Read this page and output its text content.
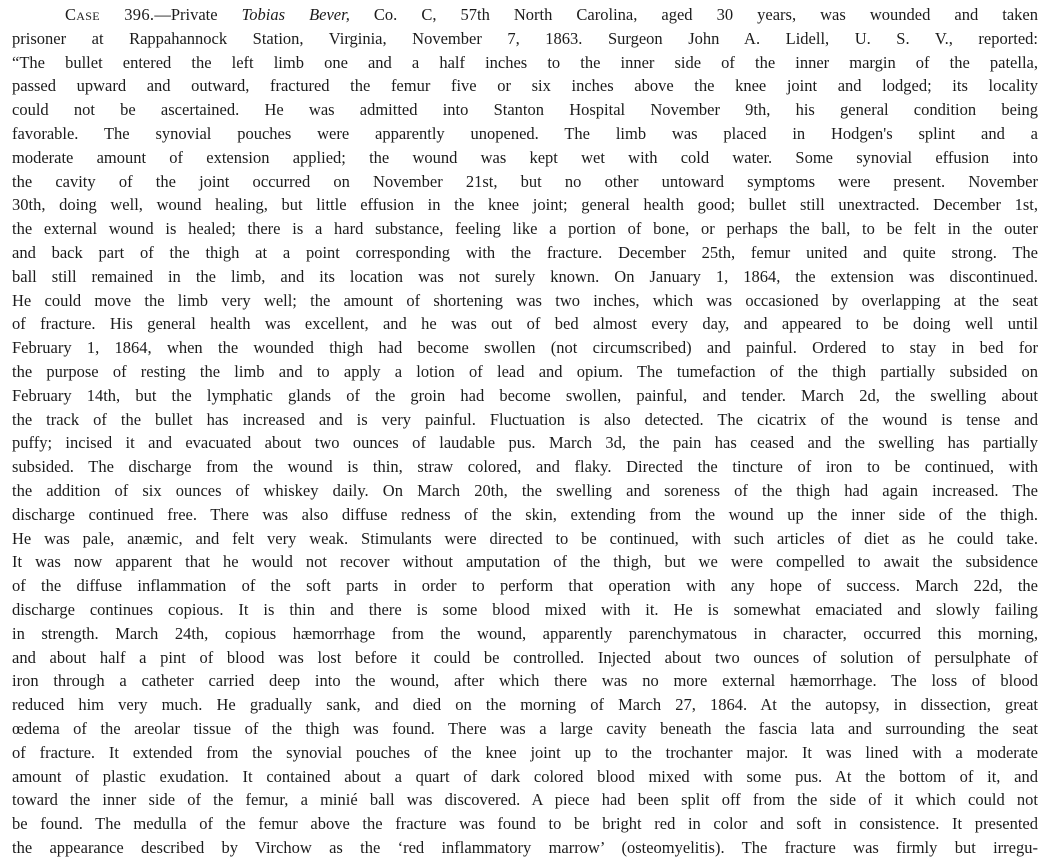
Case 396.—Private Tobias Bever, Co. C, 57th North Carolina, aged 30 years, was wounded and taken
prisoner at Rappahannock Station, Virginia, November 7, 1863. Surgeon John A. Lidell, U. S. V., reported:
“The bullet entered the left limb one and a half inches to the inner side of the inner margin of the patella,
passed upward and outward, fractured the femur five or six inches above the knee joint and lodged; its locality
could not be ascertained. He was admitted into Stanton Hospital November 9th, his general condition being
favorable. The synovial pouches were apparently unopened. The limb was placed in Hodgen's splint and a
moderate amount of extension applied; the wound was kept wet with cold water. Some synovial effusion into
the cavity of the joint occurred on November 21st, but no other untoward symptoms were present. November
30th, doing well, wound healing, but little effusion in the knee joint; general health good; bullet still unextracted. December 1st,
the external wound is healed; there is a hard substance, feeling like a portion of bone, or perhaps the ball, to be felt in the outer
and back part of the thigh at a point corresponding with the fracture. December 25th, femur united and quite strong. The
ball still remained in the limb, and its location was not surely known. On January 1, 1864, the extension was discontinued.
He could move the limb very well; the amount of shortening was two inches, which was occasioned by overlapping at the seat
of fracture. His general health was excellent, and he was out of bed almost every day, and appeared to be doing well until
February 1, 1864, when the wounded thigh had become swollen (not circumscribed) and painful. Ordered to stay in bed for
the purpose of resting the limb and to apply a lotion of lead and opium. The tumefaction of the thigh partially subsided on
February 14th, but the lymphatic glands of the groin had become swollen, painful, and tender. March 2d, the swelling about
the track of the bullet has increased and is very painful. Fluctuation is also detected. The cicatrix of the wound is tense and
puffy; incised it and evacuated about two ounces of laudable pus. March 3d, the pain has ceased and the swelling has partially
subsided. The discharge from the wound is thin, straw colored, and flaky. Directed the tincture of iron to be continued, with
the addition of six ounces of whiskey daily. On March 20th, the swelling and soreness of the thigh had again increased. The
discharge continued free. There was also diffuse redness of the skin, extending from the wound up the inner side of the thigh.
He was pale, anæmic, and felt very weak. Stimulants were directed to be continued, with such articles of diet as he could take.
It was now apparent that he would not recover without amputation of the thigh, but we were compelled to await the subsidence
of the diffuse inflammation of the soft parts in order to perform that operation with any hope of success. March 22d, the
discharge continues copious. It is thin and there is some blood mixed with it. He is somewhat emaciated and slowly failing
in strength. March 24th, copious hæmorrhage from the wound, apparently parenchymatous in character, occurred this morning,
and about half a pint of blood was lost before it could be controlled. Injected about two ounces of solution of persulphate of
iron through a catheter carried deep into the wound, after which there was no more external hæmorrhage. The loss of blood
reduced him very much. He gradually sank, and died on the morning of March 27, 1864. At the autopsy, in dissection, great
œdema of the areolar tissue of the thigh was found. There was a large cavity beneath the fascia lata and surrounding the seat
of fracture. It extended from the synovial pouches of the knee joint up to the trochanter major. It was lined with a moderate
amount of plastic exudation. It contained about a quart of dark colored blood mixed with some pus. At the bottom of it, and
toward the inner side of the femur, a minié ball was discovered. A piece had been split off from the side of it which could not
be found. The medulla of the femur above the fracture was found to be bright red in color and soft in consistence. It presented
the appearance described by Virchow as the ‘red inflammatory marrow’ (osteomyelitis). The fracture was firmly but irregu-
